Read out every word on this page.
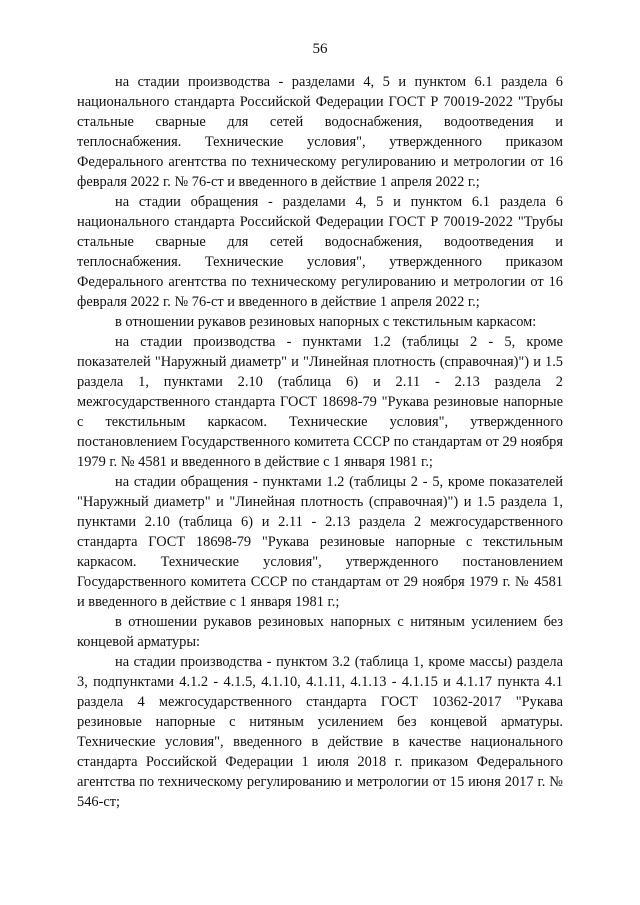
56

на стадии производства - разделами 4, 5 и пунктом 6.1 раздела 6 национального стандарта Российской Федерации ГОСТ Р 70019-2022 "Трубы стальные сварные для сетей водоснабжения, водоотведения и теплоснабжения. Технические условия", утвержденного приказом Федерального агентства по техническому регулированию и метрологии от 16 февраля 2022 г. № 76-ст и введенного в действие 1 апреля 2022 г.;

на стадии обращения - разделами 4, 5 и пунктом 6.1 раздела 6 национального стандарта Российской Федерации ГОСТ Р 70019-2022 "Трубы стальные сварные для сетей водоснабжения, водоотведения и теплоснабжения. Технические условия", утвержденного приказом Федерального агентства по техническому регулированию и метрологии от 16 февраля 2022 г. № 76-ст и введенного в действие 1 апреля 2022 г.;

в отношении рукавов резиновых напорных с текстильным каркасом:

на стадии производства - пунктами 1.2 (таблицы 2 - 5, кроме показателей "Наружный диаметр" и "Линейная плотность (справочная)") и 1.5 раздела 1, пунктами 2.10 (таблица 6) и 2.11 - 2.13 раздела 2 межгосударственного стандарта ГОСТ 18698-79 "Рукава резиновые напорные с текстильным каркасом. Технические условия", утвержденного постановлением Государственного комитета СССР по стандартам от 29 ноября 1979 г. № 4581 и введенного в действие с 1 января 1981 г.;

на стадии обращения - пунктами 1.2 (таблицы 2 - 5, кроме показателей "Наружный диаметр" и "Линейная плотность (справочная)") и 1.5 раздела 1, пунктами 2.10 (таблица 6) и 2.11 - 2.13 раздела 2 межгосударственного стандарта ГОСТ 18698-79 "Рукава резиновые напорные с текстильным каркасом. Технические условия", утвержденного постановлением Государственного комитета СССР по стандартам от 29 ноября 1979 г. № 4581 и введенного в действие с 1 января 1981 г.;

в отношении рукавов резиновых напорных с нитяным усилением без концевой арматуры:

на стадии производства - пунктом 3.2 (таблица 1, кроме массы) раздела 3, подпунктами 4.1.2 - 4.1.5, 4.1.10, 4.1.11, 4.1.13 - 4.1.15 и 4.1.17 пункта 4.1 раздела 4 межгосударственного стандарта ГОСТ 10362-2017 "Рукава резиновые напорные с нитяным усилением без концевой арматуры. Технические условия", введенного в действие в качестве национального стандарта Российской Федерации 1 июля 2018 г. приказом Федерального агентства по техническому регулированию и метрологии от 15 июня 2017 г. № 546-ст;
